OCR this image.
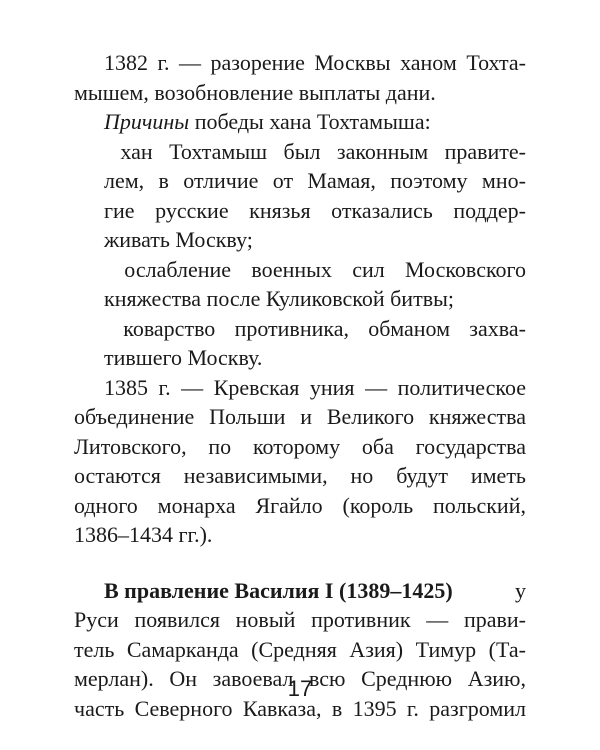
1382 г. — разорение Москвы ханом Тохта-
мышем, возобновление выплаты дани.
Причины победы хана Тохтамыша:
хан Тохтамыш был законным правите-
лем, в отличие от Мамая, поэтому мно-
гие русские князья отказались поддер-
живать Москву;
ослабление военных сил Московского
княжества после Куликовской битвы;
коварство противника, обманом захва-
тившего Москву.
1385 г. — Кревская уния — политическое
объединение Польши и Великого княжества
Литовского, по которому оба государства
остаются независимыми, но будут иметь
одного монарха Ягайло (король польский,
1386–1434 гг.).
В правление Василия I (1389–1425)	у
Руси появился новый противник — прави-
тель Самарканда (Средняя Азия) Тимур (Та-
мерлан). Он завоевал всю Среднюю Азию,
часть Северного Кавказа, в 1395 г. разгромил
17
